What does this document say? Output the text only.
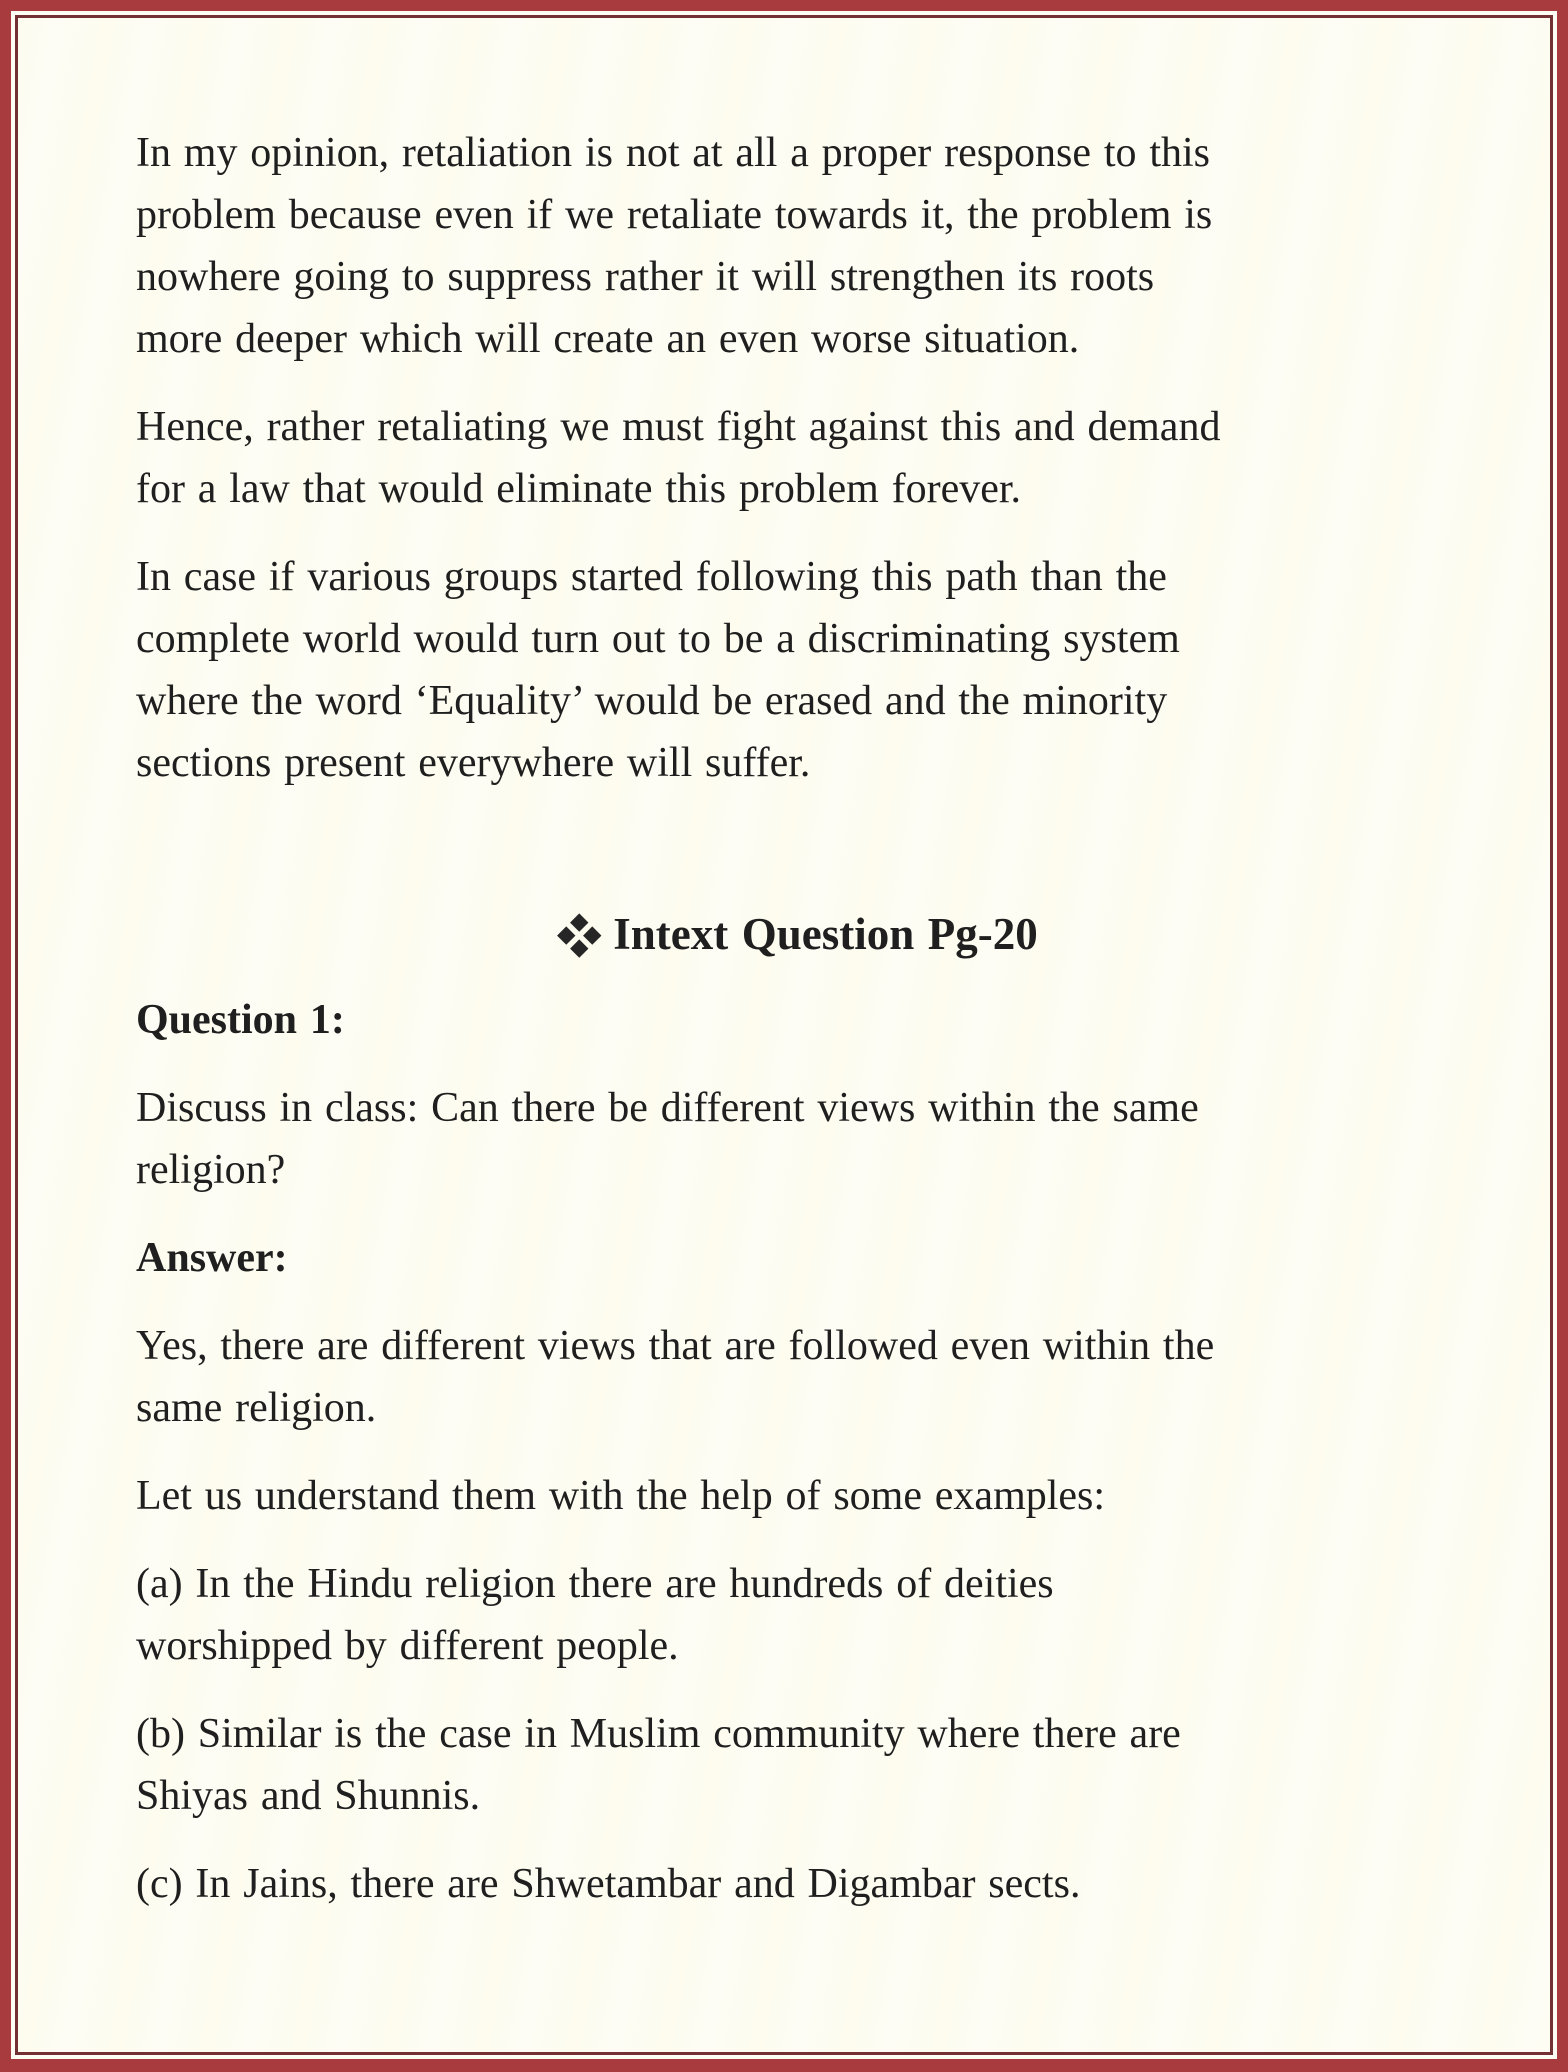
In my opinion, retaliation is not at all a proper response to this
problem because even if we retaliate towards it, the problem is
nowhere going to suppress rather it will strengthen its roots
more deeper which will create an even worse situation.

Hence, rather retaliating we must fight against this and demand
for a law that would eliminate this problem forever.

In case if various groups started following this path than the
complete world would turn out to be a discriminating system
where the word ‘Equality’ would be erased and the minority
sections present everywhere will suffer.

Intext Question Pg-20

Question 1:

Discuss in class: Can there be different views within the same
religion?

Answer:

Yes, there are different views that are followed even within the
same religion.

Let us understand them with the help of some examples:

(a) In the Hindu religion there are hundreds of deities
worshipped by different people.

(b) Similar is the case in Muslim community where there are
Shiyas and Shunnis.

(c) In Jains, there are Shwetambar and Digambar sects.
